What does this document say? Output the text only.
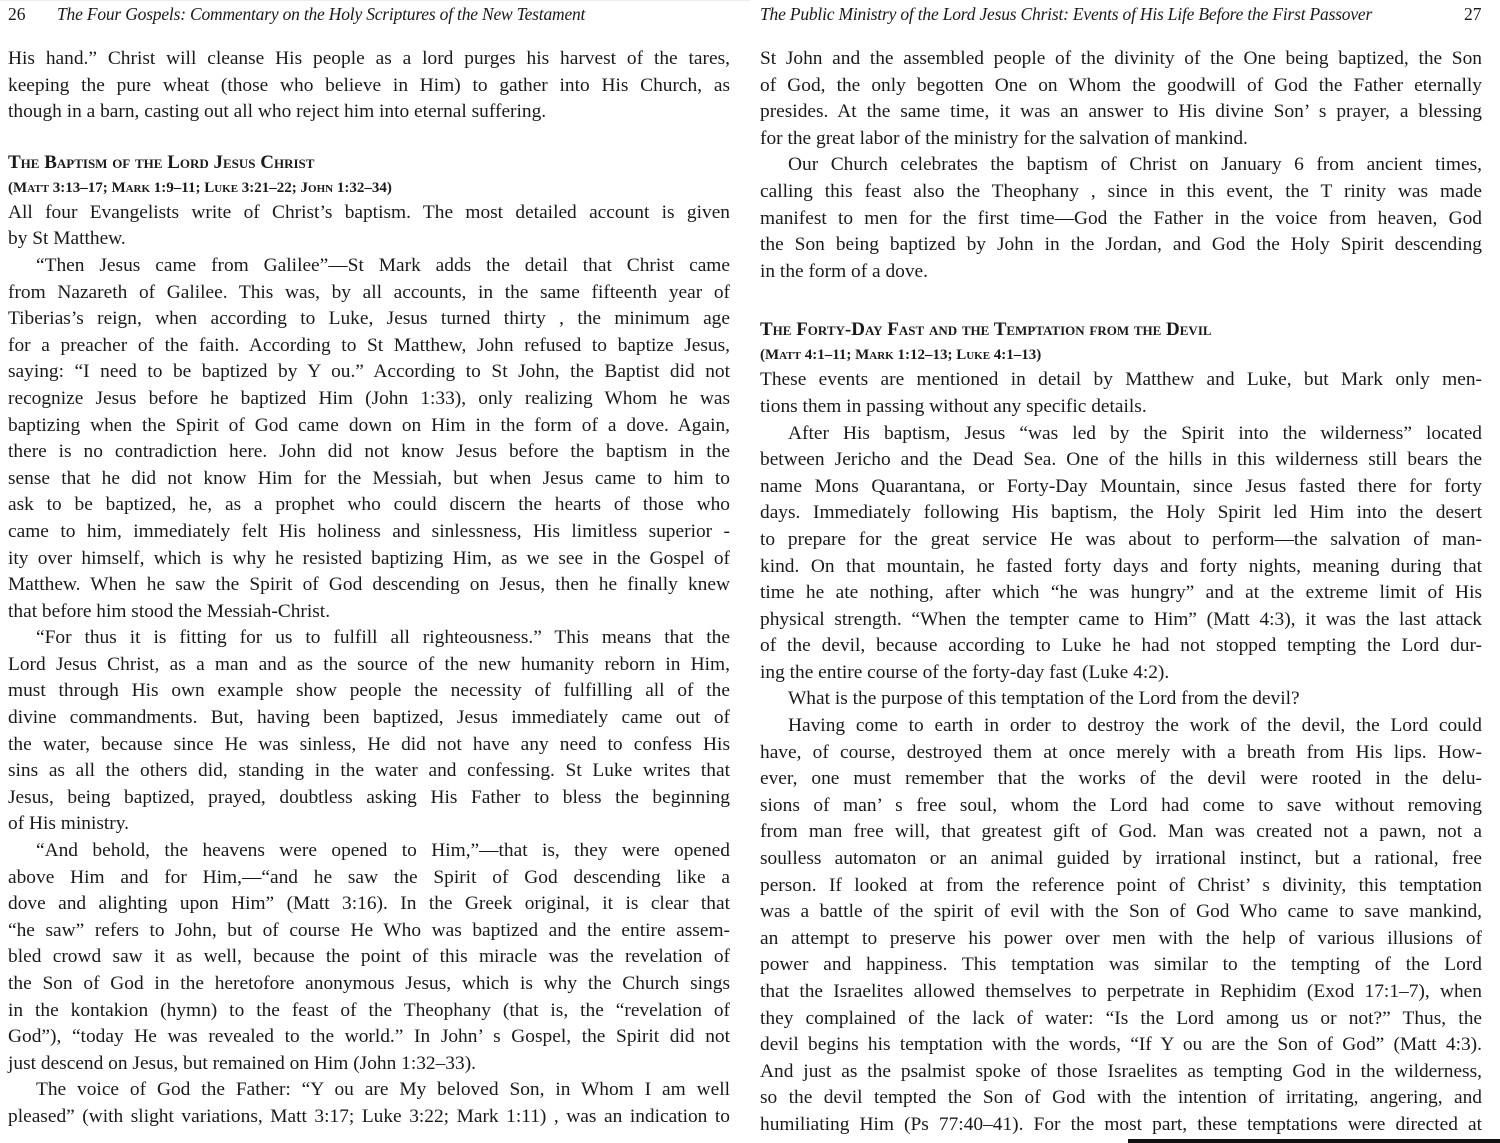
26 The Four Gospels: Commentary on the Holy Scriptures of the New Testament
His hand.” Christ will cleanse His people as a lord purges his harvest of the tares,
keeping the pure wheat (those who believe in Him) to gather into His Church, as
though in a barn, casting out all who reject him into eternal suffering.
The Baptism of the Lord Jesus Christ
(Matt 3:13–17; Mark 1:9–11; Luke 3:21–22; John 1:32–34)
All four Evangelists write of Christ’s baptism. The most detailed account is given
by St Matthew.
“Then Jesus came from Galilee”—St Mark adds the detail that Christ came
from Nazareth of Galilee. This was, by all accounts, in the same fifteenth year of
Tiberias’s reign, when according to Luke, Jesus turned thirty , the minimum age
for a preacher of the faith. According to St Matthew, John refused to baptize Jesus,
saying: “I need to be baptized by Y ou.” According to St John, the Baptist did not
recognize Jesus before he baptized Him (John 1:33), only realizing Whom he was
baptizing when the Spirit of God came down on Him in the form of a dove. Again,
there is no contradiction here. John did not know Jesus before the baptism in the
sense that he did not know Him for the Messiah, but when Jesus came to him to
ask to be baptized, he, as a prophet who could discern the hearts of those who
came to him, immediately felt His holiness and sinlessness, His limitless superior -
ity over himself, which is why he resisted baptizing Him, as we see in the Gospel of
Matthew. When he saw the Spirit of God descending on Jesus, then he finally knew
that before him stood the Messiah-Christ.
“For thus it is fitting for us to fulfill all righteousness.” This means that the
Lord Jesus Christ, as a man and as the source of the new humanity reborn in Him,
must through His own example show people the necessity of fulfilling all of the
divine commandments. But, having been baptized, Jesus immediately came out of
the water, because since He was sinless, He did not have any need to confess His
sins as all the others did, standing in the water and confessing. St Luke writes that
Jesus, being baptized, prayed, doubtless asking His Father to bless the beginning
of His ministry.
“And behold, the heavens were opened to Him,”—that is, they were opened
above Him and for Him,—“and he saw the Spirit of God descending like a
dove and alighting upon Him” (Matt 3:16). In the Greek original, it is clear that
“he saw” refers to John, but of course He Who was baptized and the entire assem-
bled crowd saw it as well, because the point of this miracle was the revelation of
the Son of God in the heretofore anonymous Jesus, which is why the Church sings
in the kontakion (hymn) to the feast of the Theophany (that is, the “revelation of
God”), “today He was revealed to the world.” In John’ s Gospel, the Spirit did not
just descend on Jesus, but remained on Him (John 1:32–33).
The voice of God the Father: “Y ou are My beloved Son, in Whom I am well
pleased” (with slight variations, Matt 3:17; Luke 3:22; Mark 1:11) , was an indication to
The Public Ministry of the Lord Jesus Christ: Events of His Life Before the First Passover	27
St John and the assembled people of the divinity of the One being baptized, the Son
of God, the only begotten One on Whom the goodwill of God the Father eternally
presides. At the same time, it was an answer to His divine Son’ s prayer, a blessing
for the great labor of the ministry for the salvation of mankind.
Our Church celebrates the baptism of Christ on January 6 from ancient times,
calling this feast also the Theophany , since in this event, the T rinity was made
manifest to men for the first time—God the Father in the voice from heaven, God
the Son being baptized by John in the Jordan, and God the Holy Spirit descending
in the form of a dove.
The Forty-Day Fast and the Temptation from the Devil
(Matt 4:1–11; Mark 1:12–13; Luke 4:1–13)
These events are mentioned in detail by Matthew and Luke, but Mark only men-
tions them in passing without any specific details.
After His baptism, Jesus “was led by the Spirit into the wilderness” located
between Jericho and the Dead Sea. One of the hills in this wilderness still bears the
name Mons Quarantana, or Forty-Day Mountain, since Jesus fasted there for forty
days. Immediately following His baptism, the Holy Spirit led Him into the desert
to prepare for the great service He was about to perform—the salvation of man-
kind. On that mountain, he fasted forty days and forty nights, meaning during that
time he ate nothing, after which “he was hungry” and at the extreme limit of His
physical strength. “When the tempter came to Him” (Matt 4:3), it was the last attack
of the devil, because according to Luke he had not stopped tempting the Lord dur-
ing the entire course of the forty-day fast (Luke 4:2).
What is the purpose of this temptation of the Lord from the devil?
Having come to earth in order to destroy the work of the devil, the Lord could
have, of course, destroyed them at once merely with a breath from His lips. How-
ever, one must remember that the works of the devil were rooted in the delu-
sions of man’ s free soul, whom the Lord had come to save without removing
from man free will, that greatest gift of God. Man was created not a pawn, not a
soulless automaton or an animal guided by irrational instinct, but a rational, free
person. If looked at from the reference point of Christ’ s divinity, this temptation
was a battle of the spirit of evil with the Son of God Who came to save mankind,
an attempt to preserve his power over men with the help of various illusions of
power and happiness. This temptation was similar to the tempting of the Lord
that the Israelites allowed themselves to perpetrate in Rephidim (Exod 17:1–7), when
they complained of the lack of water: “Is the Lord among us or not?” Thus, the
devil begins his temptation with the words, “If Y ou are the Son of God” (Matt 4:3).
And just as the psalmist spoke of those Israelites as tempting God in the wilderness,
so the devil tempted the Son of God with the intention of irritating, angering, and
humiliating Him (Ps 77:40–41). For the most part, these temptations were directed at
